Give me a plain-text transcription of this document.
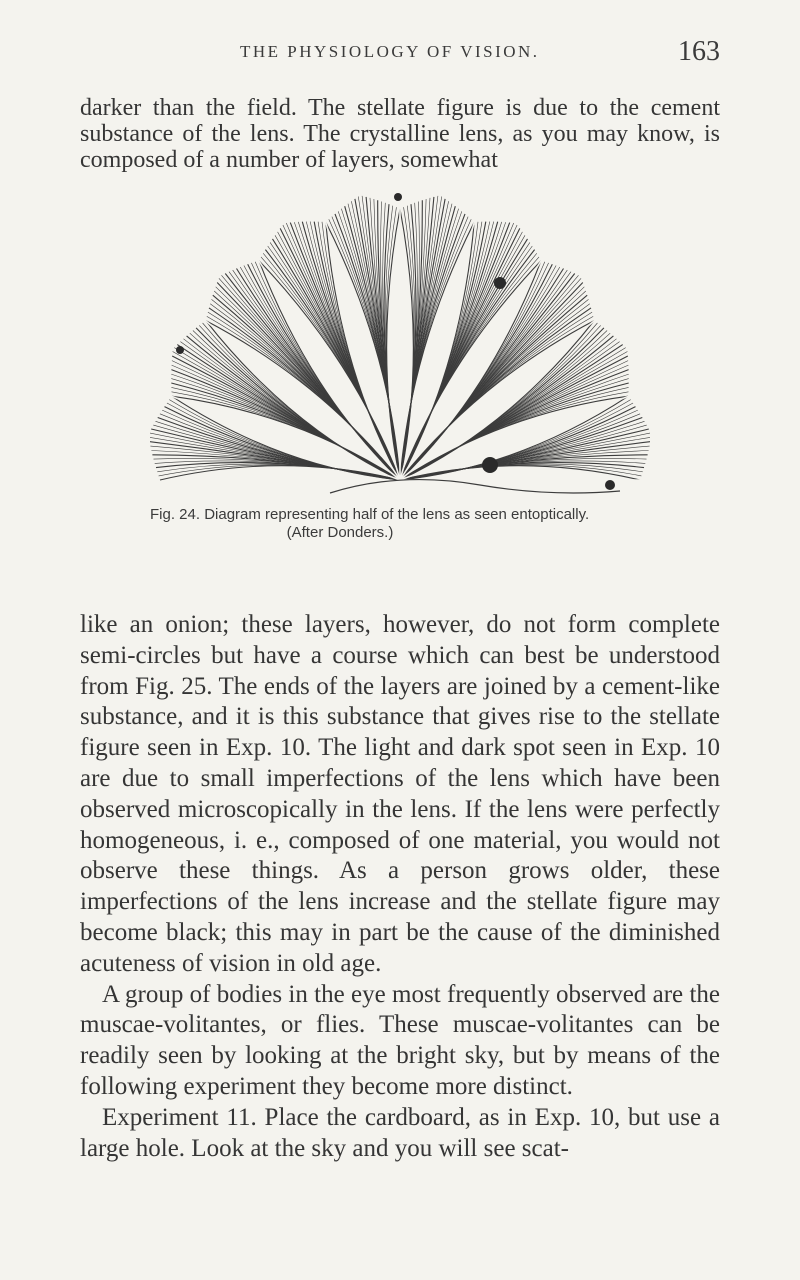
THE PHYSIOLOGY OF VISION.	163

darker than the field. The stellate figure is due to the cement substance of the lens. The crystalline lens, as you may know, is composed of a number of layers, somewhat

Fig. 24. Diagram representing half of the lens as seen entoptically.
(After Donders.)

like an onion; these layers, however, do not form complete semi-circles but have a course which can best be understood from Fig. 25. The ends of the layers are joined by a cement-like substance, and it is this substance that gives rise to the stellate figure seen in Exp. 10. The light and dark spot seen in Exp. 10 are due to small imperfections of the lens which have been observed microscopically in the lens. If the lens were perfectly homogeneous, i. e., composed of one material, you would not observe these things. As a person grows older, these imperfections of the lens increase and the stellate figure may become black; this may in part be the cause of the diminished acuteness of vision in old age.

A group of bodies in the eye most frequently observed are the muscae-volitantes, or flies. These muscae-volitantes can be readily seen by looking at the bright sky, but by means of the following experiment they become more distinct.

Experiment 11. Place the cardboard, as in Exp. 10, but use a large hole. Look at the sky and you will see scat-
